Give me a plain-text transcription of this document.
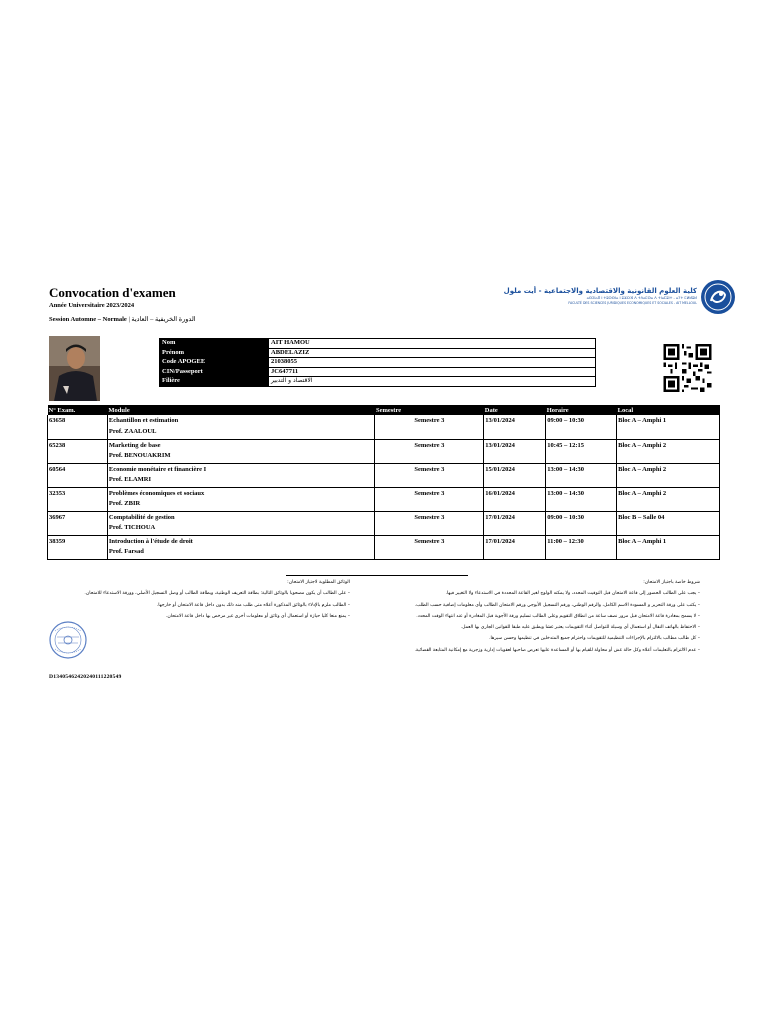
Convocation d'examen
Année Universitaire 2023/2024
Session Automne – Normale | الدورة الخريفية – العادية
كلية العلوم القانونية والاقتصادية والاجتماعية - أيت ملول
ⴰⵙⵉⵏⴰⴳ ⵏ ⵜⵓⵙⵙⵏⴰ ⵏ ⵓⵣⵔⴼ ⴷ ⵜⴷⴰⵎⵙⴰ ⴷ ⵜⵏⴰⵎⵓⵏⵜ - ⴰⵢⵜ ⵎⵍⵍⵓⵍ
FACULTÉ DES SCIENCES JURIDIQUES ECONOMIQUES ET SOCIALES - AIT MELLOUL
Nom	AIT HAMOU
Prénom	ABDELAZIZ
Code APOGEE	21038055
CIN/Passeport	JC647711
Filière	الاقتصاد و التدبير
N° Exam.	Module	Semestre	Date	Horaire	Local
63658	Echantillon et estimation
Prof. ZAALOUL	Semestre 3	13/01/2024	09:00 – 10:30	Bloc A – Amphi 1
65238	Marketing de base
Prof. BENOUAKRIM	Semestre 3	13/01/2024	10:45 – 12:15	Bloc A – Amphi 2
60564	Economie monétaire et financière I
Prof. ELAMRI	Semestre 3	15/01/2024	13:00 – 14:30	Bloc A – Amphi 2
32353	Problèmes économiques et sociaux
Prof. ZBIR	Semestre 3	16/01/2024	13:00 – 14:30	Bloc A – Amphi 2
36967	Comptabilité de gestion
Prof. TICHOUA	Semestre 3	17/01/2024	09:00 – 10:30	Bloc B – Salle 04
38359	Introduction à l'étude de droit
Prof. Farsad	Semestre 3	17/01/2024	11:00 – 12:30	Bloc A – Amphi 1
الوثائق المطلوبة لاجتياز الامتحان:
– على الطالب أن يكون مصحوبا بالوثائق التالية: بطاقة التعريف الوطنية، وبطاقة الطالب أو وصل التسجيل الأصلي، وورقة الاستدعاء للامتحان.
– الطالب ملزم بالإدلاء بالوثائق المذكورة أعلاه متى طلب منه ذلك بدون داخل قاعة الامتحان أو خارجها.
– يمنع منعا كليا حيازة أو استعمال أي وثائق أو معلومات أخرى غير مرخص بها داخل قاعة الامتحان.
شروط خاصة باجتياز الامتحان:
– يجب على الطالب الحضور إلى قاعة الامتحان قبل التوقيت المحدد، ولا يمكنه الولوج لغير القاعة المحددة في الاستدعاء ولا التغيير فيها.
– يكتب على ورقة التحرير و المسودة الاسم الكامل، والرقم الوطني، ورقم التسجيل الأبوجي ورقم الامتحان الطالب وأي معلومات إضافية حسب الطلب.
– لا يسمح بمغادرة قاعة الامتحان قبل مرور نصف ساعة من انطلاق التقويم وعلى الطالب تسليم ورقة الأجوبة قبل المغادرة أو عند انتهاء الوقت المحدد.
– الاحتفاظ بالهاتف النقال أو استعمال أي وسيلة للتواصل أثناء التقويمات يعتبر غشا ويطبق عليه طبقا للقوانين الجاري بها العمل.
– كل طالب مطالب بالالتزام بالإجراءات التنظيمية للتقويمات واحترام جميع المتدخلين في تنظيمها وحسن سيرها.
– عدم الالتزام بالتعليمات أعلاه وكل حالة غش أو محاولة للقيام بها أو المساعدة عليها تعرض صاحبها لعقوبات إدارية وزجرية مع إمكانية المتابعة القضائية.
D13405462420240111220549
